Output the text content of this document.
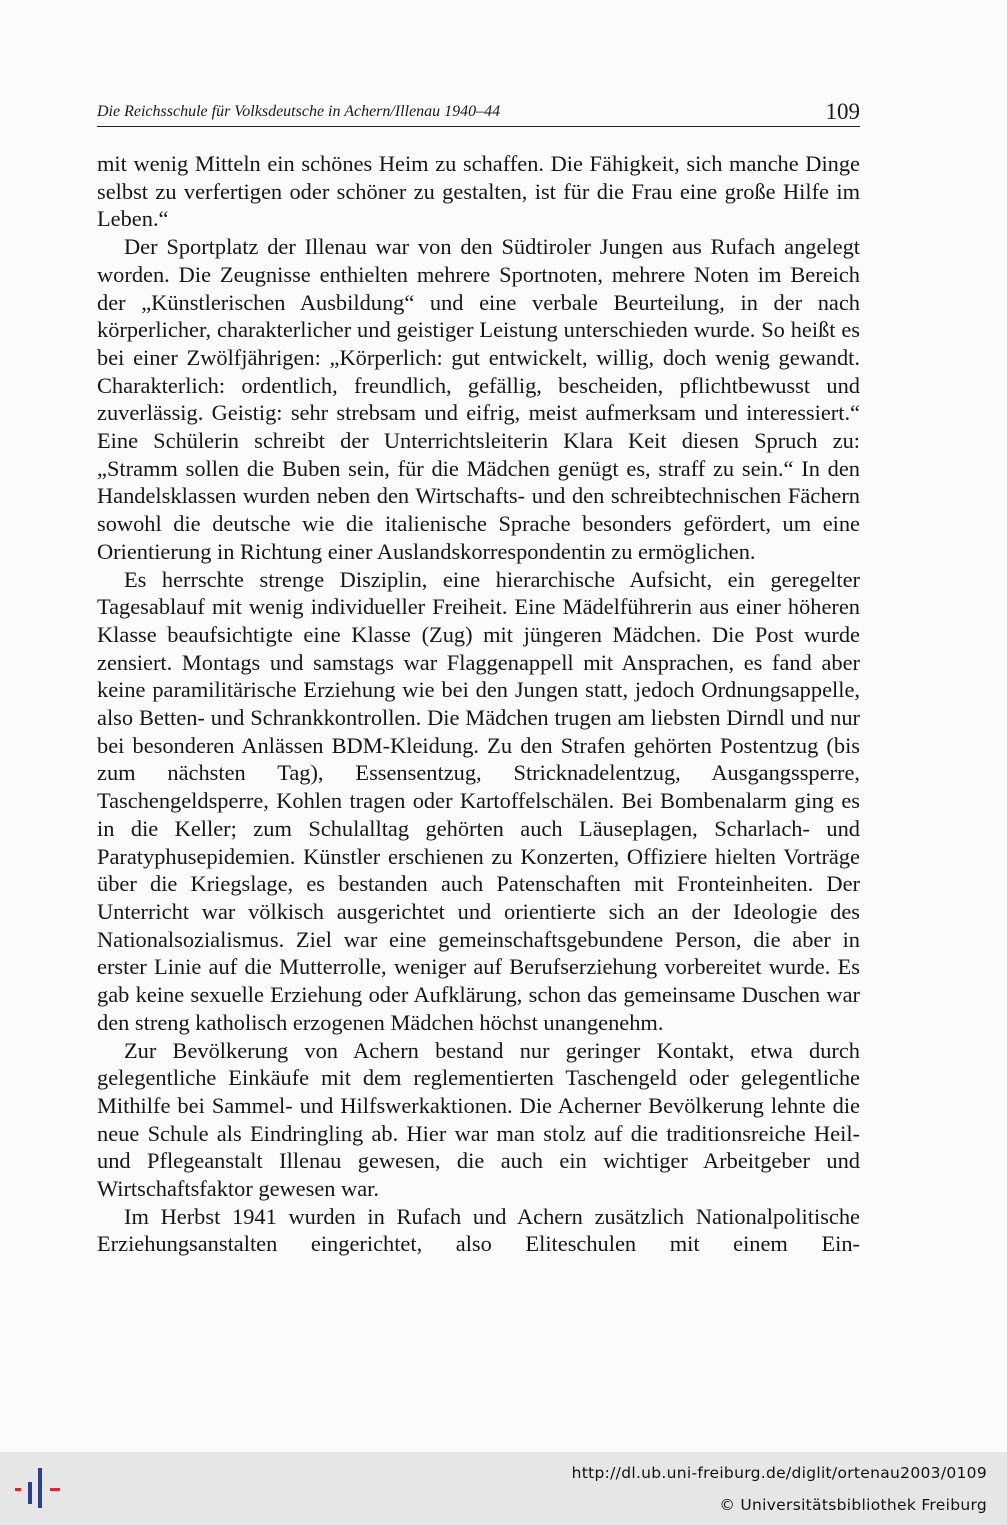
Die Reichsschule für Volksdeutsche in Achern/Illenau 1940–44	109

mit wenig Mitteln ein schönes Heim zu schaffen. Die Fähigkeit, sich manche Dinge selbst zu verfertigen oder schöner zu gestalten, ist für die Frau eine große Hilfe im Leben.“

Der Sportplatz der Illenau war von den Südtiroler Jungen aus Rufach angelegt worden. Die Zeugnisse enthielten mehrere Sportnoten, mehrere Noten im Bereich der „Künstlerischen Ausbildung“ und eine verbale Beurteilung, in der nach körperlicher, charakterlicher und geistiger Leistung unterschieden wurde. So heißt es bei einer Zwölfjährigen: „Körperlich: gut entwickelt, willig, doch wenig gewandt. Charakterlich: ordentlich, freundlich, gefällig, bescheiden, pflichtbewusst und zuverlässig. Geistig: sehr strebsam und eifrig, meist aufmerksam und interessiert.“ Eine Schülerin schreibt der Unterrichtsleiterin Klara Keit diesen Spruch zu: „Stramm sollen die Buben sein, für die Mädchen genügt es, straff zu sein.“ In den Handelsklassen wurden neben den Wirtschafts- und den schreibtechnischen Fächern sowohl die deutsche wie die italienische Sprache besonders gefördert, um eine Orientierung in Richtung einer Auslandskorrespondentin zu ermöglichen.

Es herrschte strenge Disziplin, eine hierarchische Aufsicht, ein geregelter Tagesablauf mit wenig individueller Freiheit. Eine Mädelführerin aus einer höheren Klasse beaufsichtigte eine Klasse (Zug) mit jüngeren Mädchen. Die Post wurde zensiert. Montags und samstags war Flaggenappell mit Ansprachen, es fand aber keine paramilitärische Erziehung wie bei den Jungen statt, jedoch Ordnungsappelle, also Betten- und Schrankkontrollen. Die Mädchen trugen am liebsten Dirndl und nur bei besonderen Anlässen BDM-Kleidung. Zu den Strafen gehörten Postentzug (bis zum nächsten Tag), Essensentzug, Stricknadelentzug, Ausgangssperre, Taschengeldsperre, Kohlen tragen oder Kartoffelschälen. Bei Bombenalarm ging es in die Keller; zum Schulalltag gehörten auch Läuseplagen, Scharlach- und Paratyphusepidemien. Künstler erschienen zu Konzerten, Offiziere hielten Vorträge über die Kriegslage, es bestanden auch Patenschaften mit Fronteinheiten. Der Unterricht war völkisch ausgerichtet und orientierte sich an der Ideologie des Nationalsozialismus. Ziel war eine gemeinschaftsgebundene Person, die aber in erster Linie auf die Mutterrolle, weniger auf Berufserziehung vorbereitet wurde. Es gab keine sexuelle Erziehung oder Aufklärung, schon das gemeinsame Duschen war den streng katholisch erzogenen Mädchen höchst unangenehm.

Zur Bevölkerung von Achern bestand nur geringer Kontakt, etwa durch gelegentliche Einkäufe mit dem reglementierten Taschengeld oder gelegentliche Mithilfe bei Sammel- und Hilfswerkaktionen. Die Acherner Bevölkerung lehnte die neue Schule als Eindringling ab. Hier war man stolz auf die traditionsreiche Heil- und Pflegeanstalt Illenau gewesen, die auch ein wichtiger Arbeitgeber und Wirtschaftsfaktor gewesen war.

Im Herbst 1941 wurden in Rufach und Achern zusätzlich Nationalpolitische Erziehungsanstalten eingerichtet, also Eliteschulen mit einem Ein-

http://dl.ub.uni-freiburg.de/diglit/ortenau2003/0109
© Universitätsbibliothek Freiburg
